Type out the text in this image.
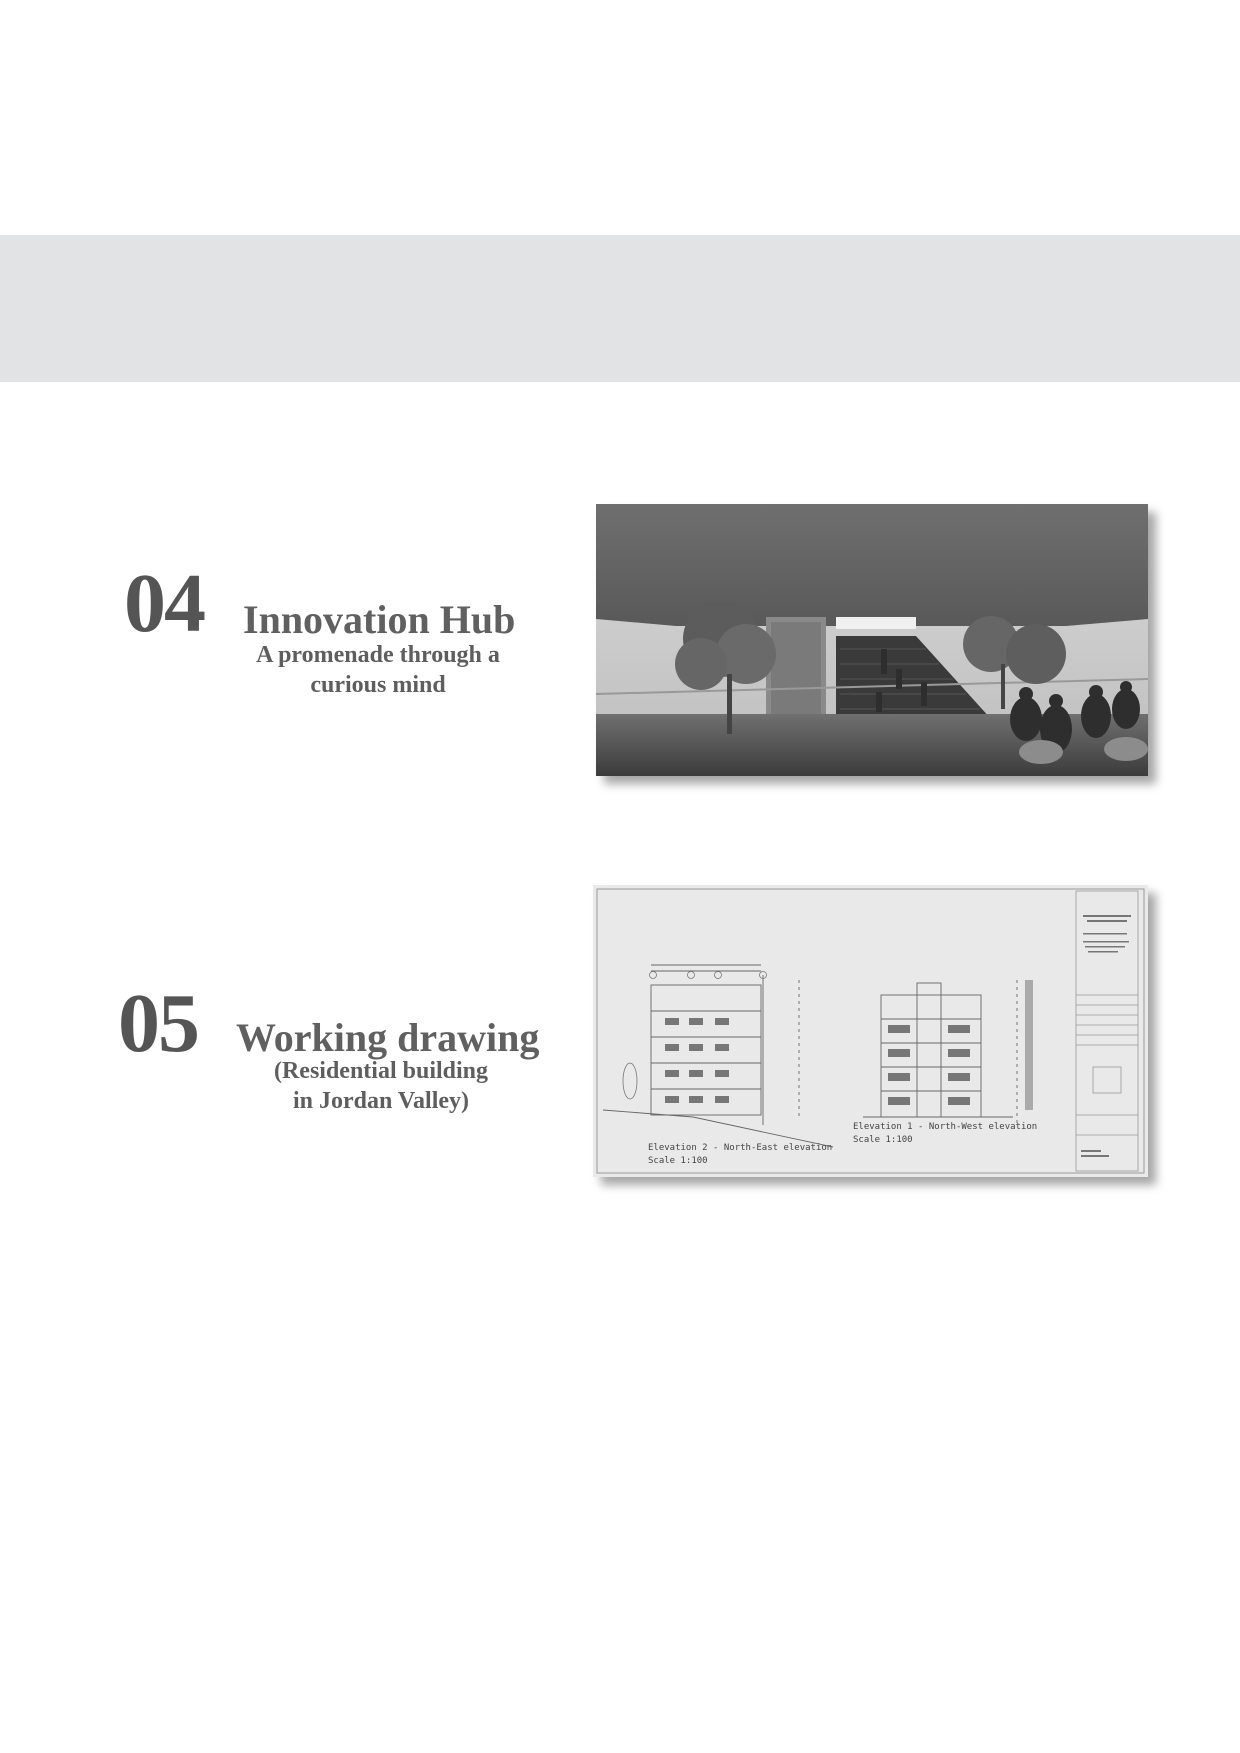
04 Innovation Hub
A promenade through a
curious mind
05 Working drawing
(Residential building
in Jordan Valley)
Elevation 2 - North-East elevation
Scale 1:100
Elevation 1 - North-West elevation
Scale 1:100
